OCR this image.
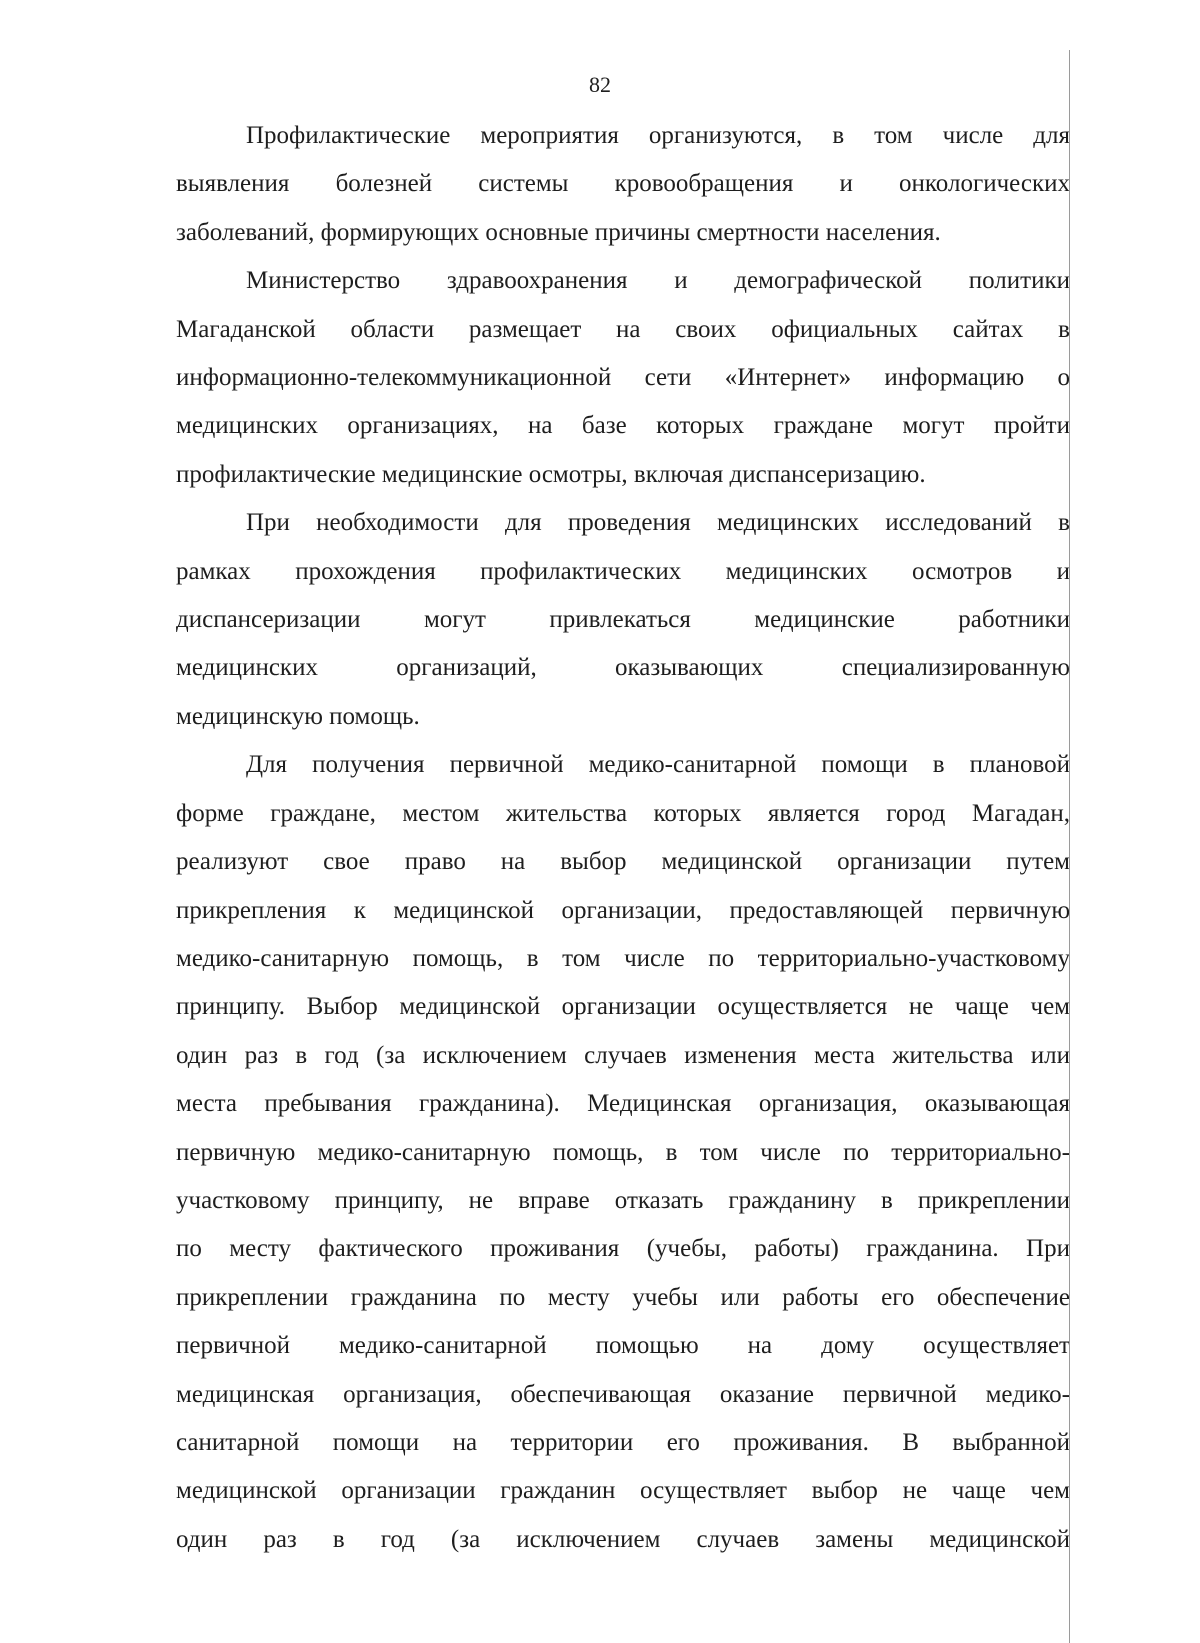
82

Профилактические мероприятия организуются, в том числе для
выявления болезней системы кровообращения и онкологических
заболеваний, формирующих основные причины смертности населения.

Министерство здравоохранения и демографической политики
Магаданской области размещает на своих официальных сайтах в
информационно-телекоммуникационной сети «Интернет» информацию о
медицинских организациях, на базе которых граждане могут пройти
профилактические медицинские осмотры, включая диспансеризацию.

При необходимости для проведения медицинских исследований в
рамках прохождения профилактических медицинских осмотров и
диспансеризации могут привлекаться медицинские работники
медицинских организаций, оказывающих специализированную
медицинскую помощь.

Для получения первичной медико-санитарной помощи в плановой
форме граждане, местом жительства которых является город Магадан,
реализуют свое право на выбор медицинской организации путем
прикрепления к медицинской организации, предоставляющей первичную
медико-санитарную помощь, в том числе по территориально-участковому
принципу. Выбор медицинской организации осуществляется не чаще чем
один раз в год (за исключением случаев изменения места жительства или
места пребывания гражданина). Медицинская организация, оказывающая
первичную медико-санитарную помощь, в том числе по территориально-
участковому принципу, не вправе отказать гражданину в прикреплении
по месту фактического проживания (учебы, работы) гражданина. При
прикреплении гражданина по месту учебы или работы его обеспечение
первичной медико-санитарной помощью на дому осуществляет
медицинская организация, обеспечивающая оказание первичной медико-
санитарной помощи на территории его проживания. В выбранной
медицинской организации гражданин осуществляет выбор не чаще чем
один раз в год (за исключением случаев замены медицинской
